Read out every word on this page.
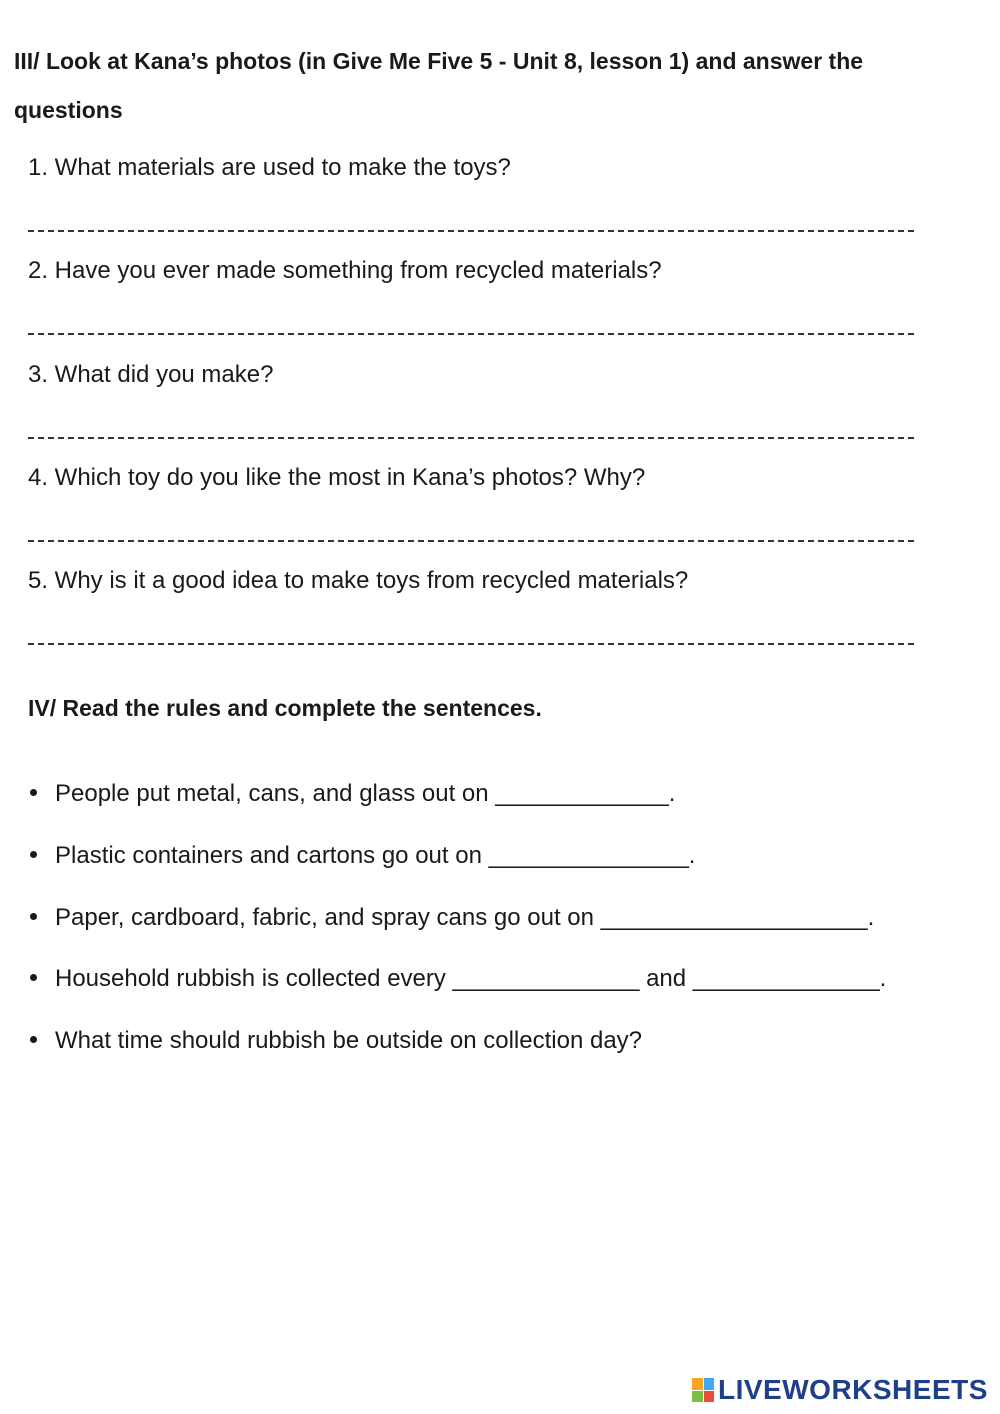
III/ Look at Kana’s photos (in Give Me Five 5 - Unit 8, lesson 1) and answer the questions
1. What materials are used to make the toys?
2. Have you ever made something from recycled materials?
3. What did you make?
4. Which toy do you like the most in Kana’s photos? Why?
5. Why is it a good idea to make toys from recycled materials?
IV/ Read the rules and complete the sentences.
People put metal, cans, and glass out on _____________.
Plastic containers and cartons go out on _______________.
Paper, cardboard, fabric, and spray cans go out on ____________________.
Household rubbish is collected every ______________ and ______________.
What time should rubbish be outside on collection day?
LIVEWORKSHEETS
